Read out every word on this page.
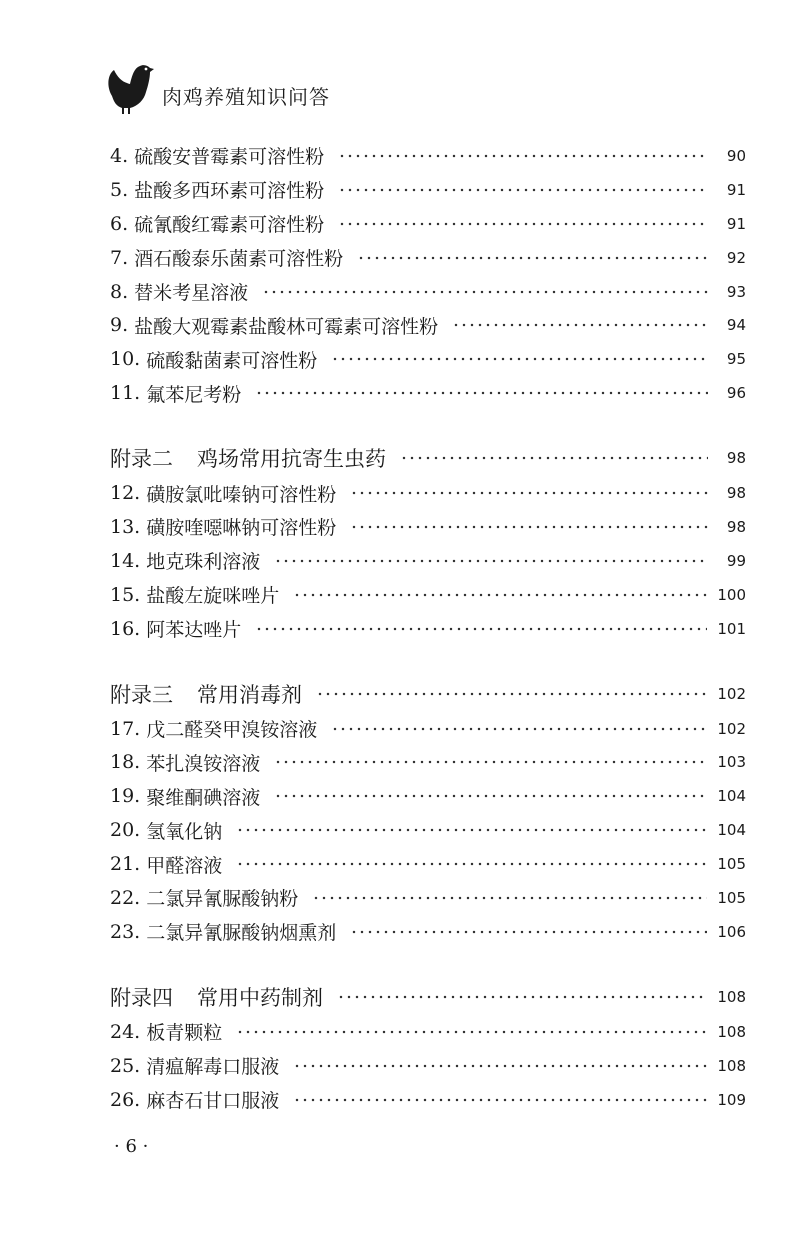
肉鸡养殖知识问答
4. 硫酸安普霉素可溶性粉	90
5. 盐酸多西环素可溶性粉	91
6. 硫氰酸红霉素可溶性粉	91
7. 酒石酸泰乐菌素可溶性粉	92
8. 替米考星溶液	93
9. 盐酸大观霉素盐酸林可霉素可溶性粉	94
10. 硫酸黏菌素可溶性粉	95
11. 氟苯尼考粉	96
附录二 鸡场常用抗寄生虫药	98
12. 磺胺氯吡嗪钠可溶性粉	98
13. 磺胺喹噁啉钠可溶性粉	98
14. 地克珠利溶液	99
15. 盐酸左旋咪唑片	100
16. 阿苯达唑片	101
附录三 常用消毒剂	102
17. 戊二醛癸甲溴铵溶液	102
18. 苯扎溴铵溶液	103
19. 聚维酮碘溶液	104
20. 氢氧化钠	104
21. 甲醛溶液	105
22. 二氯异氰脲酸钠粉	105
23. 二氯异氰脲酸钠烟熏剂	106
附录四 常用中药制剂	108
24. 板青颗粒	108
25. 清瘟解毒口服液	108
26. 麻杏石甘口服液	109
· 6 ·
